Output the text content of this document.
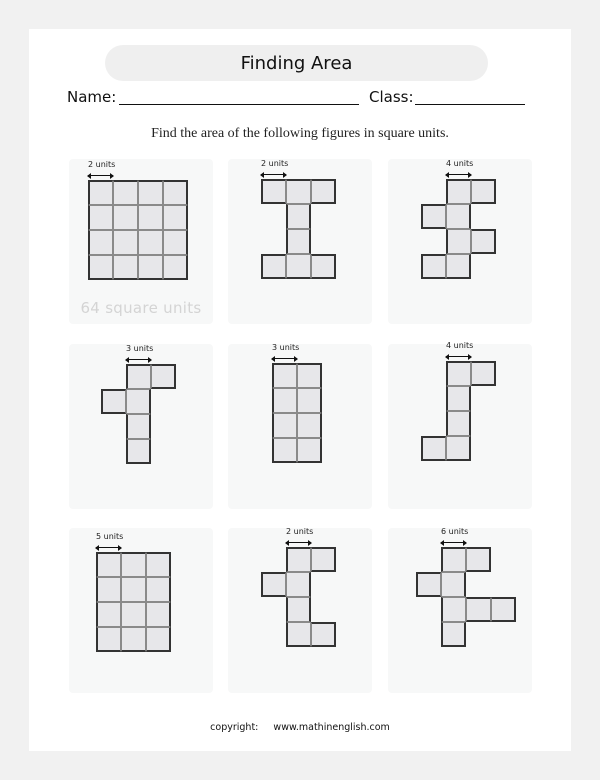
Finding Area
Name:	Class:
Find the area of the following figures in square units.
2 units
64 square units
2 units	4 units
3 units	3 units	4 units
5 units
2 units	6 units
copyright: www.mathinenglish.com
